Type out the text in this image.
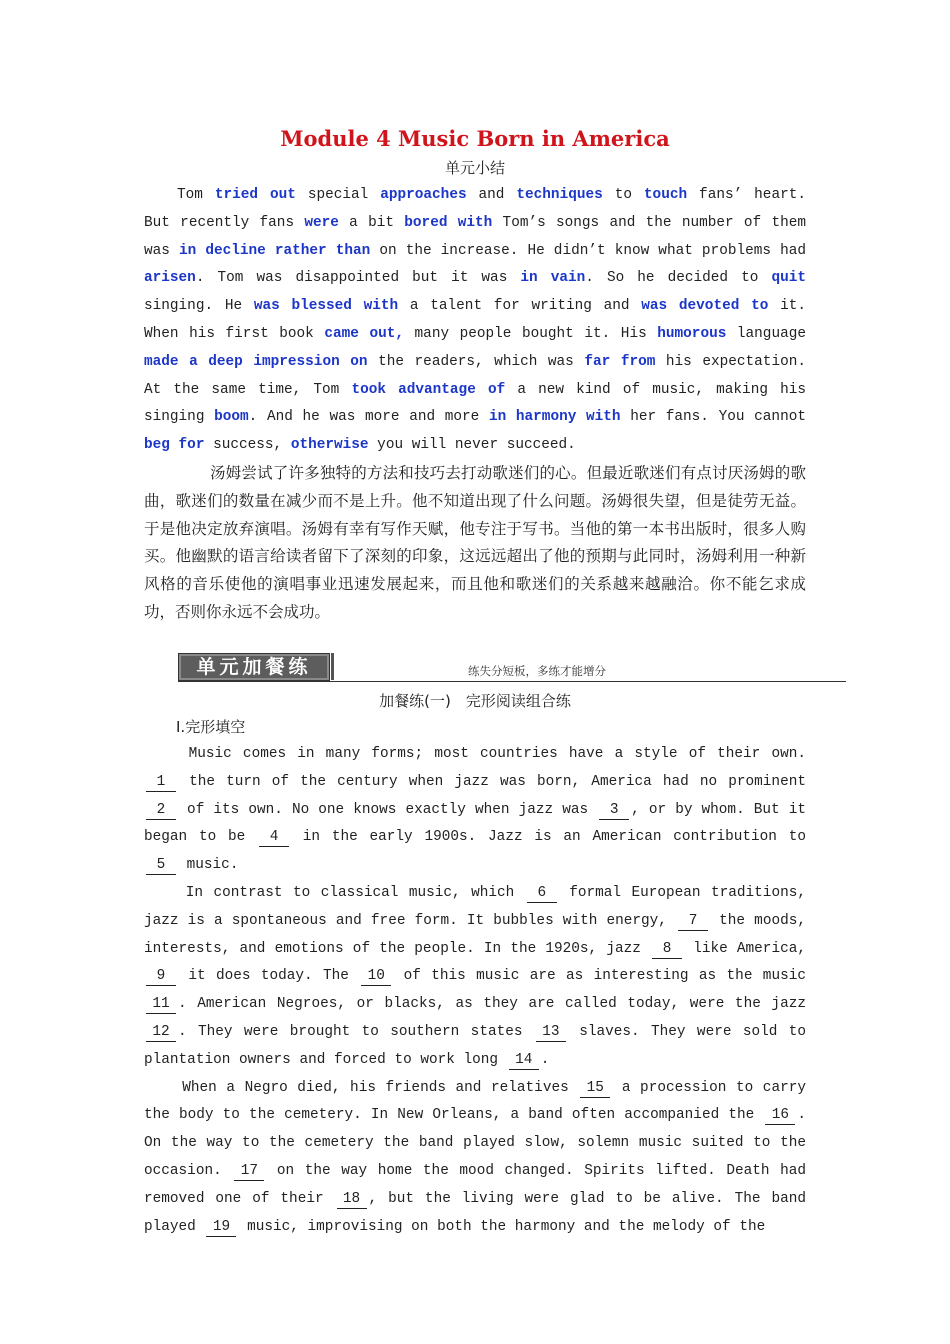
Module 4 Music Born in America
单元小结

Tom tried out special approaches and techniques to touch fans’ heart. But recently fans were a bit bored with Tom’s songs and the number of them was in decline rather than on the increase. He didn’t know what problems had arisen. Tom was disappointed but it was in vain. So he decided to quit singing. He was blessed with a talent for writing and was devoted to it. When his first book came out, many people bought it. His humorous language made a deep impression on the readers, which was far from his expectation. At the same time, Tom took advantage of a new kind of music, making his singing boom. And he was more and more in harmony with her fans. You cannot beg for success, otherwise you will never succeed.

汤姆尝试了许多独特的方法和技巧去打动歌迷们的心。但最近歌迷们有点讨厌汤姆的歌曲，歌迷们的数量在减少而不是上升。他不知道出现了什么问题。汤姆很失望，但是徒劳无益。于是他决定放弃演唱。汤姆有幸有写作天赋，他专注于写书。当他的第一本书出版时，很多人购买。他幽默的语言给读者留下了深刻的印象，这远远超出了他的预期与此同时，汤姆利用一种新风格的音乐使他的演唱事业迅速发展起来，而且他和歌迷们的关系越来越融洽。你不能乞求成功，否则你永远不会成功。

单元加餐练	练失分短板，多练才能增分
加餐练(一)　完形阅读组合练
Ⅰ.完形填空

Music comes in many forms; most countries have a style of their own. 1 the turn of the century when jazz was born, America had no prominent 2 of its own. No one knows exactly when jazz was 3 , or by whom. But it began to be 4 in the early 1900s. Jazz is an American contribution to 5 music.

In contrast to classical music, which 6 formal European traditions, jazz is a spontaneous and free form. It bubbles with energy, 7 the moods, interests, and emotions of the people. In the 1920s, jazz 8 like America, 9 it does today. The 10 of this music are as interesting as the music 11 . American Negroes, or blacks, as they are called today, were the jazz 12 . They were brought to southern states 13 slaves. They were sold to plantation owners and forced to work long 14 .

When a Negro died, his friends and relatives 15 a procession to carry the body to the cemetery. In New Orleans, a band often accompanied the 16 . On the way to the cemetery the band played slow, solemn music suited to the occasion. 17 on the way home the mood changed. Spirits lifted. Death had removed one of their 18 , but the living were glad to be alive. The band played 19 music, improvising on both the harmony and the melody of the
